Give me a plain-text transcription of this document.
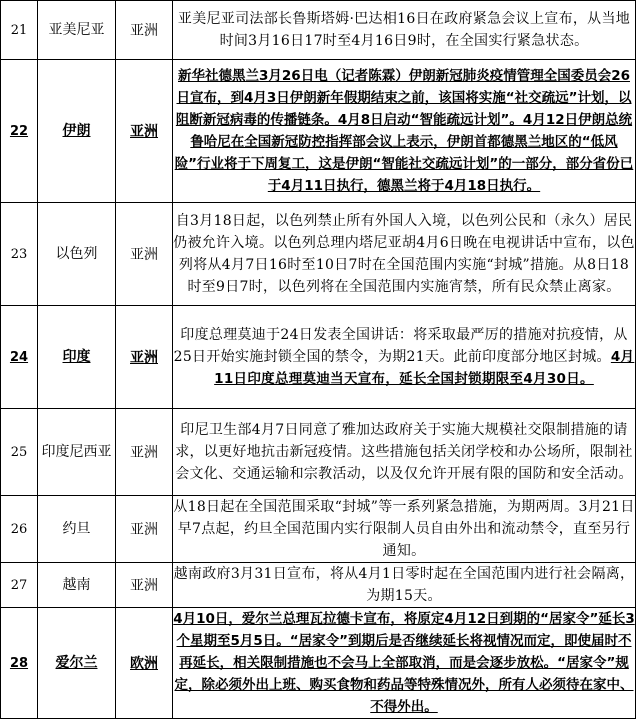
21	亚美尼亚	亚洲	亚美尼亚司法部长鲁斯塔姆·巴达相16日在政府紧急会议上宣布，从当地时间3月16日17时至4月16日9时，在全国实行紧急状态。
22	伊朗	亚洲	新华社德黑兰3月26日电（记者陈霖）伊朗新冠肺炎疫情管理全国委员会26日宣布，到4月3日伊朗新年假期结束之前，该国将实施“社交疏远”计划，以阻断新冠病毒的传播链条。4月8日启动“智能疏远计划”。4月12日伊朗总统鲁哈尼在全国新冠防控指挥部会议上表示，伊朗首都德黑兰地区的“低风险”行业将于下周复工，这是伊朗“智能社交疏远计划”的一部分，部分省份已于4月11日执行，德黑兰将于4月18日执行。
23	以色列	亚洲	自3月18日起，以色列禁止所有外国人入境，以色列公民和（永久）居民仍被允许入境。以色列总理内塔尼亚胡4月6日晚在电视讲话中宣布，以色列将从4月7日16时至10日7时在全国范围内实施“封城”措施。从8日18时至9日7时，以色列将在全国范围内实施宵禁，所有民众禁止离家。
24	印度	亚洲	印度总理莫迪于24日发表全国讲话：将采取最严厉的措施对抗疫情，从25日开始实施封锁全国的禁令，为期21天。此前印度部分地区封城。4月11日印度总理莫迪当天宣布，延长全国封锁期限至4月30日。
25	印度尼西亚	亚洲	印尼卫生部4月7日同意了雅加达政府关于实施大规模社交限制措施的请求，以更好地抗击新冠疫情。这些措施包括关闭学校和办公场所，限制社会文化、交通运输和宗教活动，以及仅允许开展有限的国防和安全活动。
26	约旦	亚洲	从18日起在全国范围采取“封城”等一系列紧急措施，为期两周。3月21日早7点起，约旦全国范围内实行限制人员自由外出和流动禁令，直至另行通知。
27	越南	亚洲	越南政府3月31日宣布，将从4月1日零时起在全国范围内进行社会隔离，为期15天。
28	爱尔兰	欧洲	4月10日，爱尔兰总理瓦拉德卡宣布，将原定4月12日到期的“居家令”延长3个星期至5月5日。“居家令”到期后是否继续延长将视情况而定，即使届时不再延长，相关限制措施也不会马上全部取消，而是会逐步放松。“居家令”规定，除必须外出上班、购买食物和药品等特殊情况外，所有人必须待在家中、不得外出。
